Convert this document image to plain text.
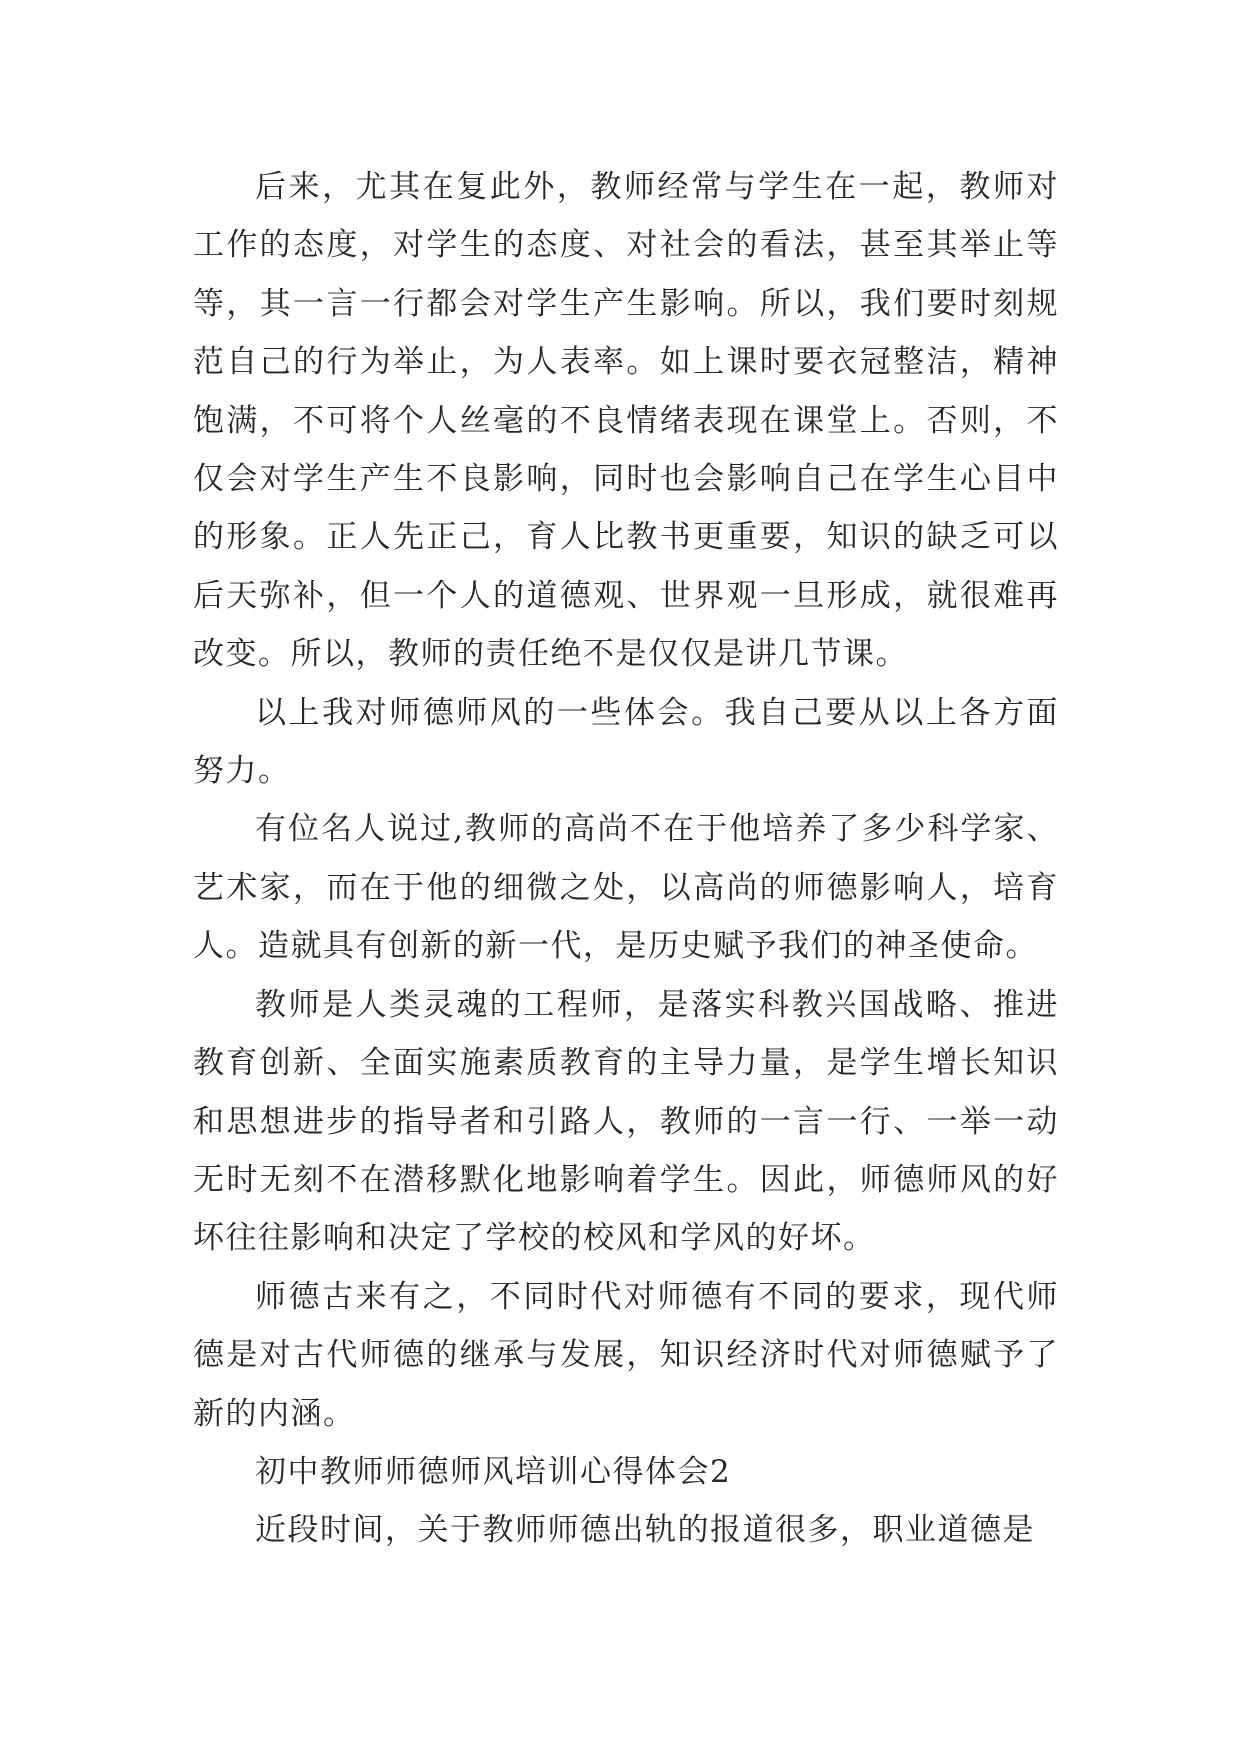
后来，尤其在复此外，教师经常与学生在一起，教师对工作的态度，对学生的态度、对社会的看法，甚至其举止等等，其一言一行都会对学生产生影响。所以，我们要时刻规范自己的行为举止，为人表率。如上课时要衣冠整洁，精神饱满，不可将个人丝毫的不良情绪表现在课堂上。否则，不仅会对学生产生不良影响，同时也会影响自己在学生心目中的形象。正人先正己，育人比教书更重要，知识的缺乏可以后天弥补，但一个人的道德观、世界观一旦形成，就很难再改变。所以，教师的责任绝不是仅仅是讲几节课。

以上我对师德师风的一些体会。我自己要从以上各方面努力。

有位名人说过,教师的高尚不在于他培养了多少科学家、艺术家，而在于他的细微之处，以高尚的师德影响人，培育人。造就具有创新的新一代，是历史赋予我们的神圣使命。

教师是人类灵魂的工程师，是落实科教兴国战略、推进教育创新、全面实施素质教育的主导力量，是学生增长知识和思想进步的指导者和引路人，教师的一言一行、一举一动无时无刻不在潜移默化地影响着学生。因此，师德师风的好坏往往影响和决定了学校的校风和学风的好坏。

师德古来有之，不同时代对师德有不同的要求，现代师德是对古代师德的继承与发展，知识经济时代对师德赋予了新的内涵。

初中教师师德师风培训心得体会2

近段时间，关于教师师德出轨的报道很多，职业道德是
